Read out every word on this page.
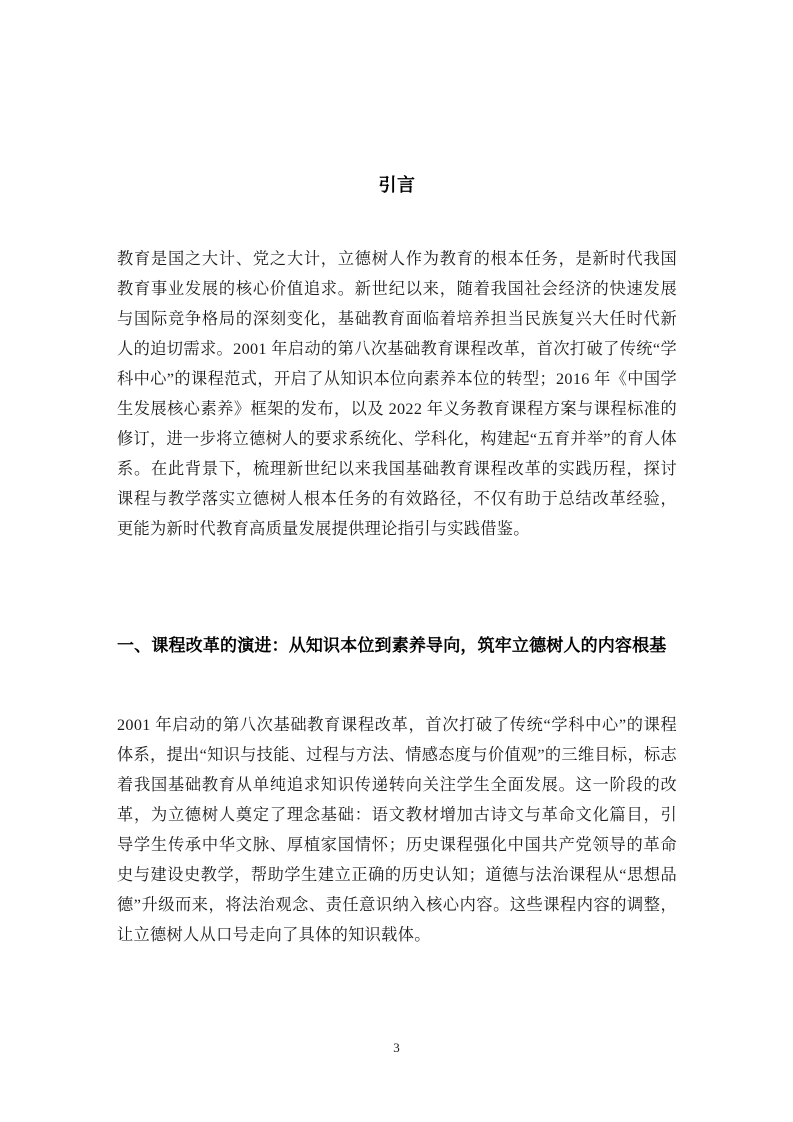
引言

教育是国之大计、党之大计，立德树人作为教育的根本任务，是新时代我国教育事业发展的核心价值追求。新世纪以来，随着我国社会经济的快速发展与国际竞争格局的深刻变化，基础教育面临着培养担当民族复兴大任时代新人的迫切需求。2001 年启动的第八次基础教育课程改革，首次打破了传统“学科中心”的课程范式，开启了从知识本位向素养本位的转型；2016 年《中国学生发展核心素养》框架的发布，以及 2022 年义务教育课程方案与课程标准的修订，进一步将立德树人的要求系统化、学科化，构建起“五育并举”的育人体系。在此背景下，梳理新世纪以来我国基础教育课程改革的实践历程，探讨课程与教学落实立德树人根本任务的有效路径，不仅有助于总结改革经验，更能为新时代教育高质量发展提供理论指引与实践借鉴。

一、课程改革的演进：从知识本位到素养导向，筑牢立德树人的内容根基

2001 年启动的第八次基础教育课程改革，首次打破了传统“学科中心”的课程体系，提出“知识与技能、过程与方法、情感态度与价值观”的三维目标，标志着我国基础教育从单纯追求知识传递转向关注学生全面发展。这一阶段的改革，为立德树人奠定了理念基础：语文教材增加古诗文与革命文化篇目，引导学生传承中华文脉、厚植家国情怀；历史课程强化中国共产党领导的革命史与建设史教学，帮助学生建立正确的历史认知；道德与法治课程从“思想品德”升级而来，将法治观念、责任意识纳入核心内容。这些课程内容的调整，让立德树人从口号走向了具体的知识载体。

3
